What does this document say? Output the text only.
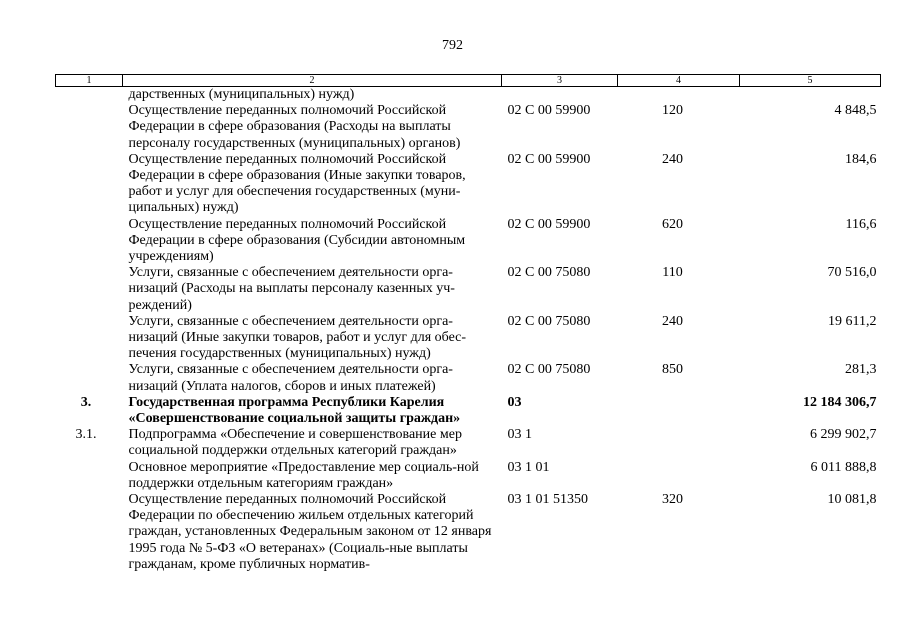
792
1	2	3	4	5
	дарственных (муниципальных) нужд)			
	Осуществление переданных полномочий Российской Федерации в сфере образования (Расходы на выплаты персоналу государственных (муниципальных) органов)	02 С 00 59900	120	4 848,5
	Осуществление переданных полномочий Российской Федерации в сфере образования (Иные закупки товаров, работ и услуг для обеспечения государственных (муни-ципальных) нужд)	02 С 00 59900	240	184,6
	Осуществление переданных полномочий Российской Федерации в сфере образования (Субсидии автономным учреждениям)	02 С 00 59900	620	116,6
	Услуги, связанные с обеспечением деятельности орга-низаций (Расходы на выплаты персоналу казенных уч-реждений)	02 С 00 75080	110	70 516,0
	Услуги, связанные с обеспечением деятельности орга-низаций (Иные закупки товаров, работ и услуг для обес-печения государственных (муниципальных) нужд)	02 С 00 75080	240	19 611,2
	Услуги, связанные с обеспечением деятельности орга-низаций (Уплата налогов, сборов и иных платежей)	02 С 00 75080	850	281,3
3.	Государственная программа Республики Карелия «Совершенствование социальной защиты граждан»	03		12 184 306,7
3.1.	Подпрограмма «Обеспечение и совершенствование мер социальной поддержки отдельных категорий граждан»	03 1		6 299 902,7
	Основное мероприятие «Предоставление мер социаль-ной поддержки отдельным категориям граждан»	03 1 01		6 011 888,8
	Осуществление переданных полномочий Российской Федерации по обеспечению жильем отдельных категорий граждан, установленных Федеральным законом от 12 января 1995 года № 5-ФЗ «О ветеранах» (Социаль-ные выплаты гражданам, кроме публичных норматив-	03 1 01 51350	320	10 081,8
